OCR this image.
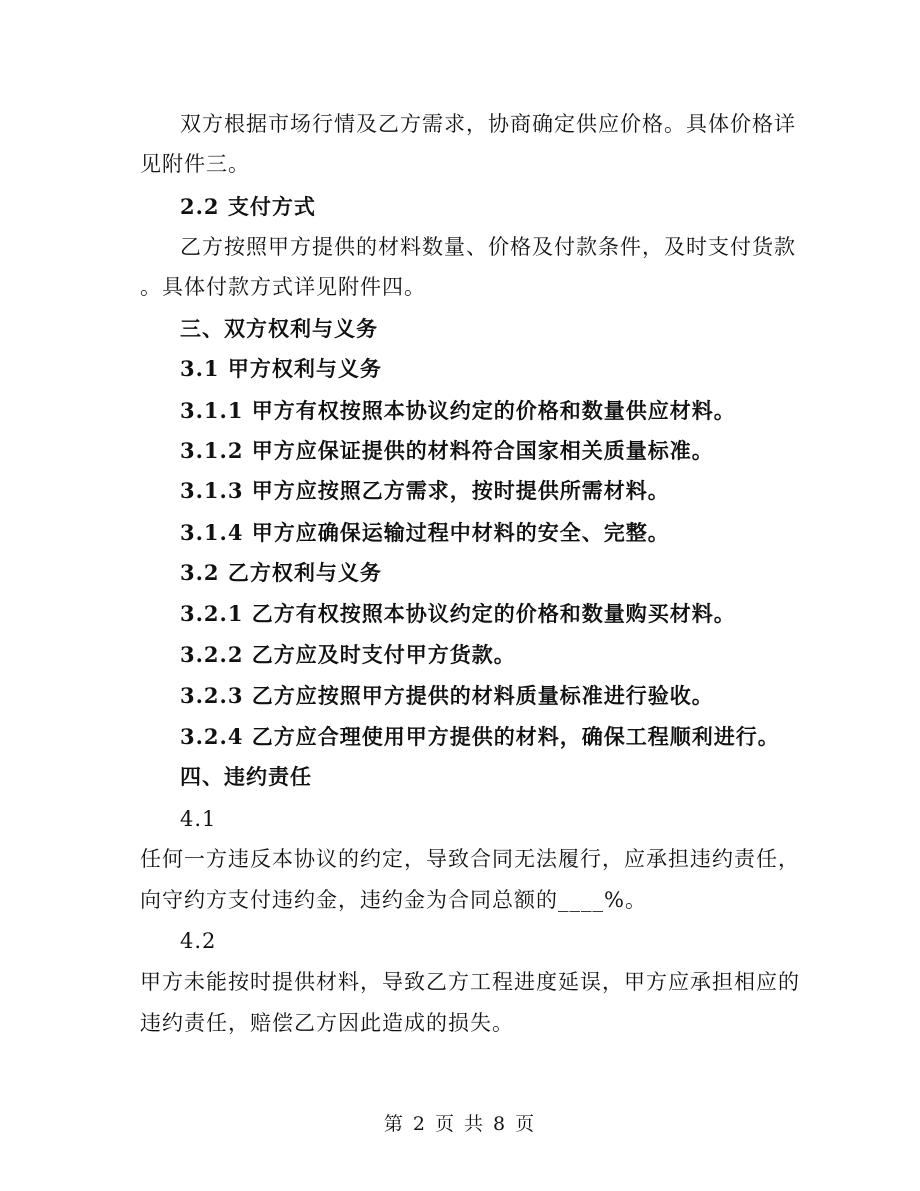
双方根据市场行情及乙方需求，协商确定供应价格。具体价格详
见附件三。
2.2 支付方式
乙方按照甲方提供的材料数量、价格及付款条件，及时支付货款
。具体付款方式详见附件四。
三、双方权利与义务
3.1 甲方权利与义务
3.1.1 甲方有权按照本协议约定的价格和数量供应材料。
3.1.2 甲方应保证提供的材料符合国家相关质量标准。
3.1.3 甲方应按照乙方需求，按时提供所需材料。
3.1.4 甲方应确保运输过程中材料的安全、完整。
3.2 乙方权利与义务
3.2.1 乙方有权按照本协议约定的价格和数量购买材料。
3.2.2 乙方应及时支付甲方货款。
3.2.3 乙方应按照甲方提供的材料质量标准进行验收。
3.2.4 乙方应合理使用甲方提供的材料，确保工程顺利进行。
四、违约责任
4.1
任何一方违反本协议的约定，导致合同无法履行，应承担违约责任，
向守约方支付违约金，违约金为合同总额的____%。
4.2
甲方未能按时提供材料，导致乙方工程进度延误，甲方应承担相应的
违约责任，赔偿乙方因此造成的损失。
第 2 页 共 8 页
